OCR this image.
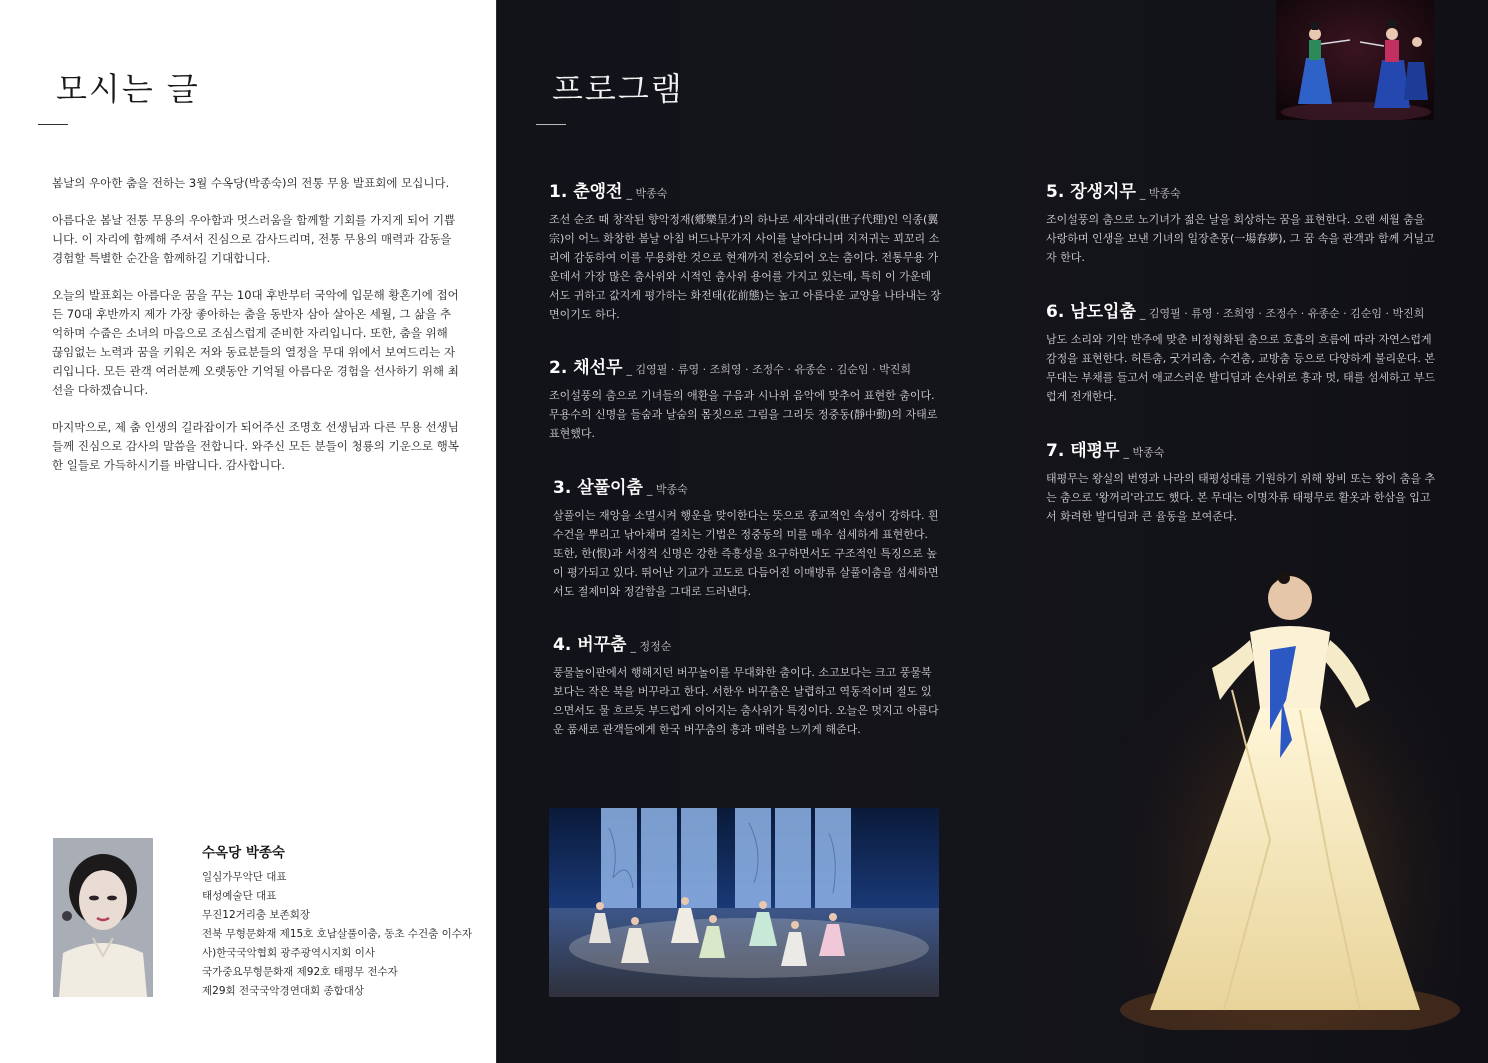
모시는 글

봄날의 우아한 춤을 전하는 3월 수옥당(박종숙)의 전통 무용 발표회에 모십니다.

아름다운 봄날 전통 무용의 우아함과 멋스러움을 함께할 기회를 가지게 되어 기쁩니다. 이 자리에 함께해 주셔서 진심으로 감사드리며, 전통 무용의 매력과 감동을 경험할 특별한 순간을 함께하길 기대합니다.

오늘의 발표회는 아름다운 꿈을 꾸는 10대 후반부터 국악에 입문해 황혼기에 접어든 70대 후반까지 제가 가장 좋아하는 춤을 동반자 삼아 살아온 세월, 그 삶을 추억하며 수줍은 소녀의 마음으로 조심스럽게 준비한 자리입니다. 또한, 춤을 위해 끊임없는 노력과 꿈을 키워온 저와 동료분들의 열정을 무대 위에서 보여드리는 자리입니다. 모든 관객 여러분께 오랫동안 기억될 아름다운 경험을 선사하기 위해 최선을 다하겠습니다.

마지막으로, 제 춤 인생의 길라잡이가 되어주신 조명호 선생님과 다른 무용 선생님들께 진심으로 감사의 말씀을 전합니다. 와주신 모든 분들이 청룡의 기운으로 행복한 일들로 가득하시기를 바랍니다. 감사합니다.

수옥당 박종숙
일심가무악단 대표
태성예술단 대표
무진12거리춤 보존회장
전북 무형문화재 제15호 호남살풀이춤, 동초 수건춤 이수자
사)한국국악협회 광주광역시지회 이사
국가중요무형문화재 제92호 태평무 전수자
제29회 전국국악경연대회 종합대상
프로그램
1. 춘앵전 _ 박종숙
조선 순조 때 창작된 향악정재(鄕樂呈才)의 하나로 세자대리(世子代理)인 익종(翼宗)이 어느 화창한 봄날 아침 버드나무가지 사이를 날아다니며 지저귀는 꾀꼬리 소리에 감동하여 이를 무용화한 것으로 현재까지 전승되어 오는 춤이다. 전통무용 가운데서 가장 많은 춤사위와 시적인 춤사위 용어를 가지고 있는데, 특히 이 가운데서도 귀하고 값지게 평가하는 화전태(花前態)는 높고 아름다운 교양을 나타내는 장면이기도 하다.
2. 채선무 _ 김영필 · 류영 · 조희영 · 조정수 · 유종순 · 김순임 · 박진희
조이설풍의 춤으로 기녀들의 애환을 구음과 시나위 음악에 맞추어 표현한 춤이다. 무용수의 신명을 들숨과 날숨의 몸짓으로 그림을 그리듯 정중동(靜中動)의 자태로 표현했다.
3. 살풀이춤 _ 박종숙
살풀이는 재앙을 소멸시켜 행운을 맞이한다는 뜻으로 종교적인 속성이 강하다. 흰 수건을 뿌리고 낚아채며 걸치는 기법은 정중동의 미를 매우 섬세하게 표현한다. 또한, 한(恨)과 서정적 신명은 강한 즉흥성을 요구하면서도 구조적인 특징으로 높이 평가되고 있다. 뛰어난 기교가 고도로 다듬어진 이매방류 살풀이춤을 섬세하면서도 절제미와 정갈함을 그대로 드러낸다.
4. 버꾸춤 _ 정정순
풍물놀이판에서 행해지던 버꾸놀이를 무대화한 춤이다. 소고보다는 크고 풍물북보다는 작은 북을 버꾸라고 한다. 서한우 버꾸춤은 날렵하고 역동적이며 절도 있으면서도 물 흐르듯 부드럽게 이어지는 춤사위가 특징이다. 오늘은 멋지고 아름다운 품새로 관객들에게 한국 버꾸춤의 흥과 매력을 느끼게 해준다.
5. 장생지무 _ 박종숙
조이설풍의 춤으로 노기녀가 젊은 날을 회상하는 꿈을 표현한다. 오랜 세월 춤을 사랑하며 인생을 보낸 기녀의 일장춘몽(一場春夢), 그 꿈 속을 관객과 함께 거닐고자 한다.
6. 남도입춤 _ 김영필 · 류영 · 조희영 · 조정수 · 유종순 · 김순임 · 박진희
남도 소리와 기악 반주에 맞춘 비정형화된 춤으로 호흡의 흐름에 따라 자연스럽게 감정을 표현한다. 허튼춤, 굿거리춤, 수건춤, 교방춤 등으로 다양하게 불리운다. 본 무대는 부채를 들고서 애교스러운 발디딤과 손사위로 흥과 멋, 태를 섬세하고 부드럽게 전개한다.
7. 태평무 _ 박종숙
태평무는 왕실의 번영과 나라의 태평성대를 기원하기 위해 왕비 또는 왕이 춤을 추는 춤으로 '왕꺼리'라고도 했다. 본 무대는 이명자류 태평무로 활옷과 한삼을 입고서 화려한 발디딤과 큰 율동을 보여준다.
